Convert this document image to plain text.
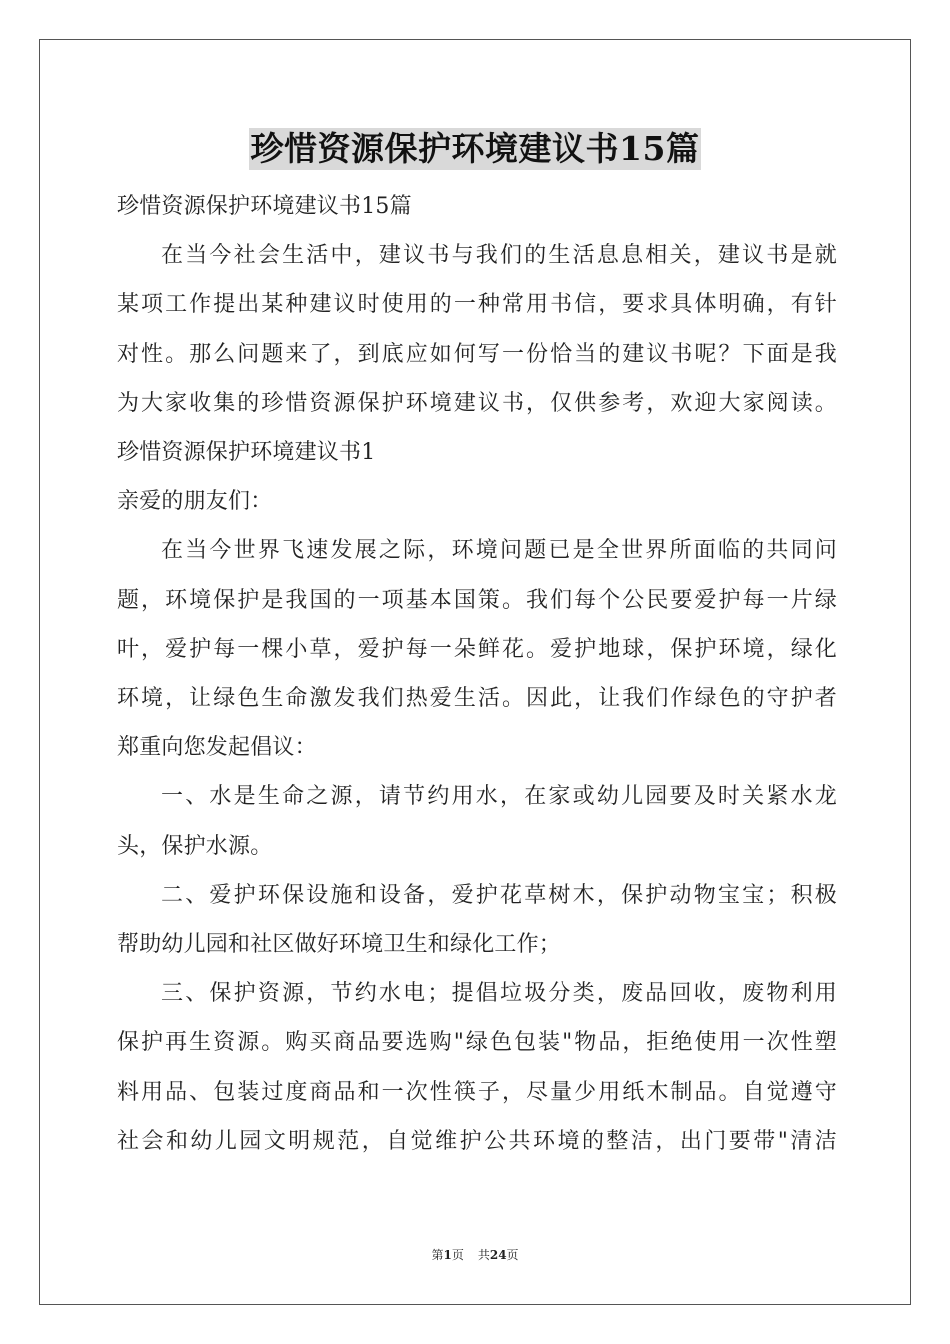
珍惜资源保护环境建议书15篇
珍惜资源保护环境建议书15篇
在当今社会生活中，建议书与我们的生活息息相关，建议书是就
某项工作提出某种建议时使用的一种常用书信，要求具体明确，有针
对性。那么问题来了，到底应如何写一份恰当的建议书呢？下面是我
为大家收集的珍惜资源保护环境建议书，仅供参考，欢迎大家阅读。
珍惜资源保护环境建议书1
亲爱的朋友们：
在当今世界飞速发展之际，环境问题已是全世界所面临的共同问
题，环境保护是我国的一项基本国策。我们每个公民要爱护每一片绿
叶，爱护每一棵小草，爱护每一朵鲜花。爱护地球，保护环境，绿化
环境，让绿色生命激发我们热爱生活。因此，让我们作绿色的守护者
郑重向您发起倡议：
一、水是生命之源，请节约用水，在家或幼儿园要及时关紧水龙
头，保护水源。
二、爱护环保设施和设备，爱护花草树木，保护动物宝宝；积极
帮助幼儿园和社区做好环境卫生和绿化工作；
三、保护资源，节约水电；提倡垃圾分类，废品回收，废物利用
保护再生资源。购买商品要选购"绿色包装"物品，拒绝使用一次性塑
料用品、包装过度商品和一次性筷子，尽量少用纸木制品。自觉遵守
社会和幼儿园文明规范，自觉维护公共环境的整洁，出门要带"清洁
第1页 共24页
